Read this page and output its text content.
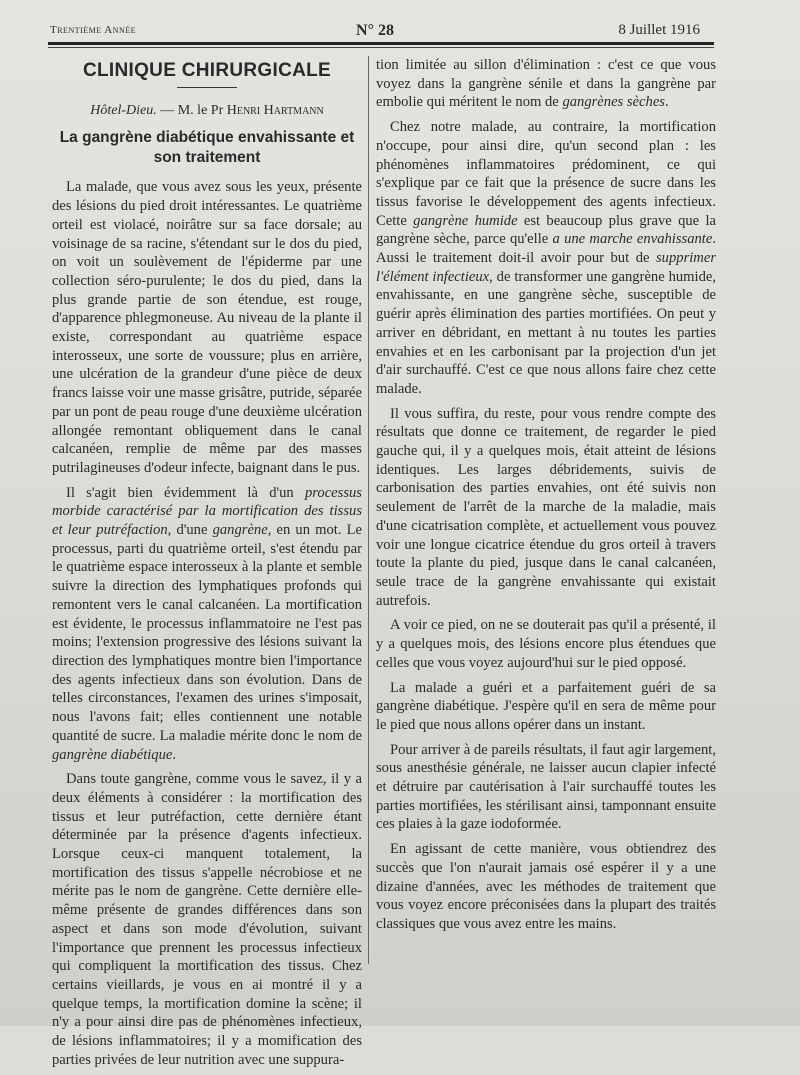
Trentième Année	N° 28	8 Juillet 1916
CLINIQUE CHIRURGICALE
Hôtel-Dieu. — M. le Pr Henri Hartmann
La gangrène diabétique envahissante et son traitement

La malade, que vous avez sous les yeux, présente des lésions du pied droit intéressantes. Le quatrième orteil est violacé, noirâtre sur sa face dorsale; au voisinage de sa racine, s'étendant sur le dos du pied, on voit un soulèvement de l'épiderme par une collection séro-purulente; le dos du pied, dans la plus grande partie de son étendue, est rouge, d'apparence phlegmoneuse. Au niveau de la plante il existe, correspondant au quatrième espace interosseux, une sorte de voussure; plus en arrière, une ulcération de la grandeur d'une pièce de deux francs laisse voir une masse grisâtre, putride, séparée par un pont de peau rouge d'une deuxième ulcération allongée remontant obliquement dans le canal calcanéen, remplie de même par des masses putrilagineuses d'odeur infecte, baignant dans le pus.

Il s'agit bien évidemment là d'un processus morbide caractérisé par la mortification des tissus et leur putréfaction, d'une gangrène, en un mot. Le processus, parti du quatrième orteil, s'est étendu par le quatrième espace interosseux à la plante et semble suivre la direction des lymphatiques profonds qui remontent vers le canal calcanéen. La mortification est évidente, le processus inflammatoire ne l'est pas moins; l'extension progressive des lésions suivant la direction des lymphatiques montre bien l'importance des agents infectieux dans son évolution. Dans de telles circonstances, l'examen des urines s'imposait, nous l'avons fait; elles contiennent une notable quantité de sucre. La maladie mérite donc le nom de gangrène diabétique.

Dans toute gangrène, comme vous le savez, il y a deux éléments à considérer : la mortification des tissus et leur putréfaction, cette dernière étant déterminée par la présence d'agents infectieux. Lorsque ceux-ci manquent totalement, la mortification des tissus s'appelle nécrobiose et ne mérite pas le nom de gangrène. Cette dernière elle-même présente de grandes différences dans son aspect et dans son mode d'évolution, suivant l'importance que prennent les processus infectieux qui compliquent la mortification des tissus. Chez certains vieillards, je vous en ai montré il y a quelque temps, la mortification domine la scène; il n'y a pour ainsi dire pas de phénomènes infectieux, de lésions inflammatoires; il y a momification des parties privées de leur nutrition avec une suppura-

tion limitée au sillon d'élimination : c'est ce que vous voyez dans la gangrène sénile et dans la gangrène par embolie qui méritent le nom de gangrènes sèches.

Chez notre malade, au contraire, la mortification n'occupe, pour ainsi dire, qu'un second plan : les phénomènes inflammatoires prédominent, ce qui s'explique par ce fait que la présence de sucre dans les tissus favorise le développement des agents infectieux. Cette gangrène humide est beaucoup plus grave que la gangrène sèche, parce qu'elle a une marche envahissante. Aussi le traitement doit-il avoir pour but de supprimer l'élément infectieux, de transformer une gangrène humide, envahissante, en une gangrène sèche, susceptible de guérir après élimination des parties mortifiées. On peut y arriver en débridant, en mettant à nu toutes les parties envahies et en les carbonisant par la projection d'un jet d'air surchauffé. C'est ce que nous allons faire chez cette malade.

Il vous suffira, du reste, pour vous rendre compte des résultats que donne ce traitement, de regarder le pied gauche qui, il y a quelques mois, était atteint de lésions identiques. Les larges débridements, suivis de carbonisation des parties envahies, ont été suivis non seulement de l'arrêt de la marche de la maladie, mais d'une cicatrisation complète, et actuellement vous pouvez voir une longue cicatrice étendue du gros orteil à travers toute la plante du pied, jusque dans le canal calcanéen, seule trace de la gangrène envahissante qui existait autrefois.

A voir ce pied, on ne se douterait pas qu'il a présenté, il y a quelques mois, des lésions encore plus étendues que celles que vous voyez aujourd'hui sur le pied opposé.

La malade a guéri et a parfaitement guéri de sa gangrène diabétique. J'espère qu'il en sera de même pour le pied que nous allons opérer dans un instant.

Pour arriver à de pareils résultats, il faut agir largement, sous anesthésie générale, ne laisser aucun clapier infecté et détruire par cautérisation à l'air surchauffé toutes les parties mortifiées, les stérilisant ainsi, tamponnant ensuite ces plaies à la gaze iodoformée.

En agissant de cette manière, vous obtiendrez des succès que l'on n'aurait jamais osé espérer il y a une dizaine d'années, avec les méthodes de traitement que vous voyez encore préconisées dans la plupart des traités classiques que vous avez entre les mains.
